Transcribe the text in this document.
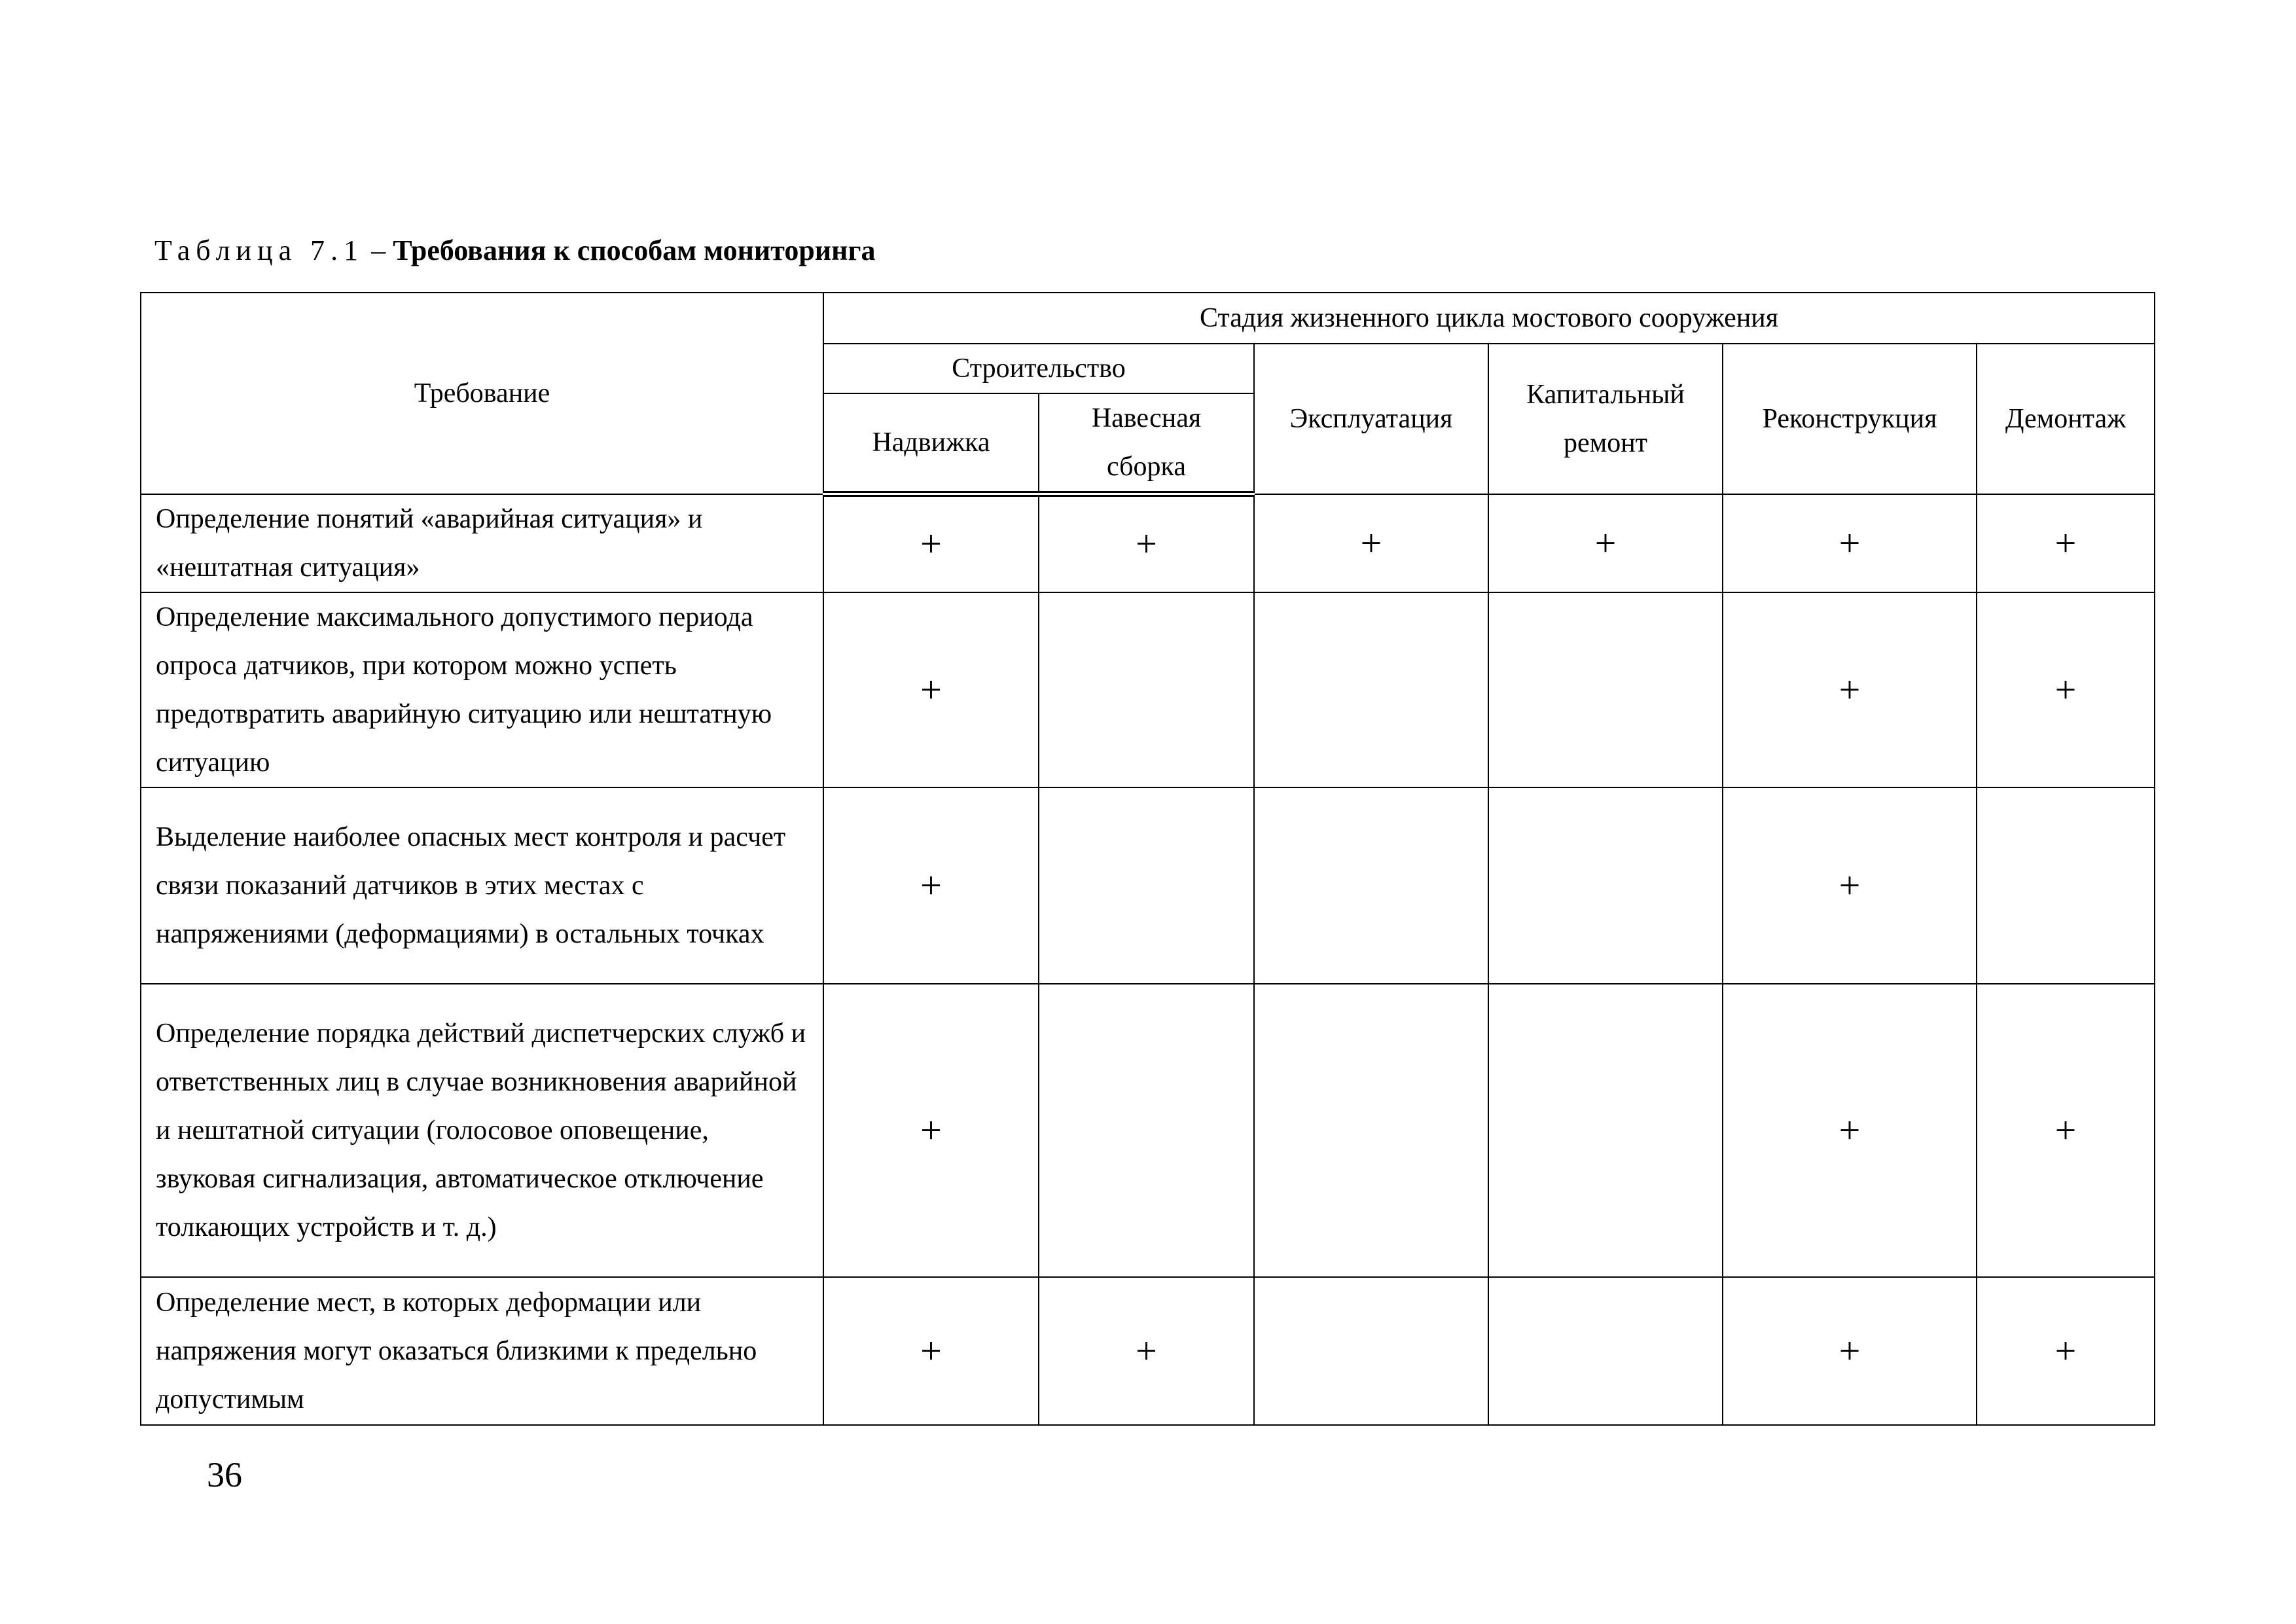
Таблица 7.1 – Требования к способам мониторинга
Требование	Стадия жизненного цикла мостового сооружения					
	Строительство		Эксплуатация	Капитальный ремонт	Реконструкция	Демонтаж
	Надвижка	Навесная сборка				
Определение понятий «аварийная ситуация» и «нештатная ситуация»	+	+	+	+	+	+
Определение максимального допустимого периода опроса датчиков, при котором можно успеть предотвратить аварийную ситуацию или нештатную ситуацию	+				+	+
Выделение наиболее опасных мест контроля и расчет связи показаний датчиков в этих местах с напряжениями (деформациями) в остальных точках	+				+	
Определение порядка действий диспетчерских служб и ответственных лиц в случае возникновения аварийной и нештатной ситуации (голосовое оповещение, звуковая сигнализация, автоматическое отключение толкающих устройств и т. д.)	+				+	+
Определение мест, в которых деформации или напряжения могут оказаться близкими к предельно допустимым	+	+			+	+
36
